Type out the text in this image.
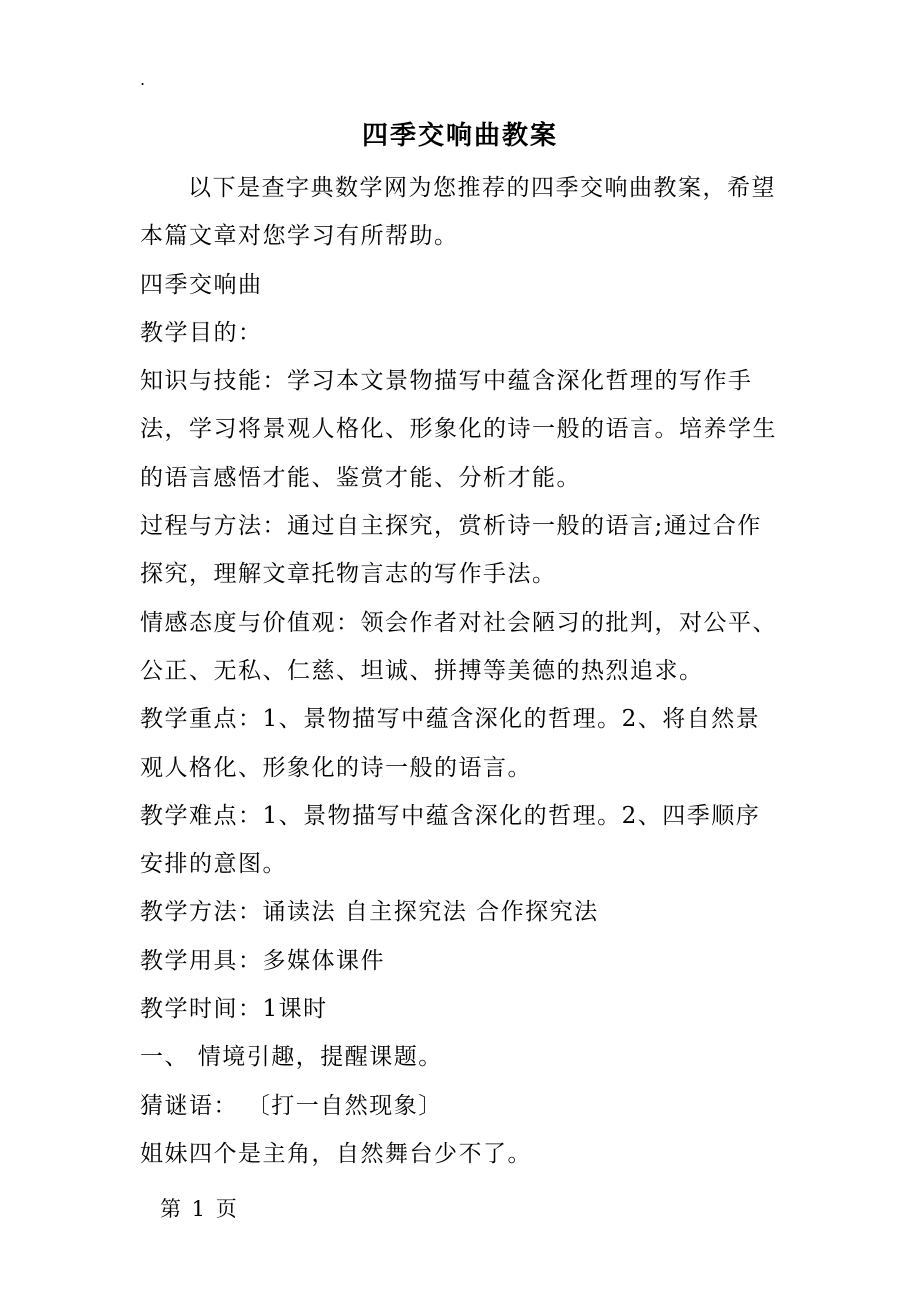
.
四季交响曲教案

以下是查字典数学网为您推荐的四季交响曲教案，希望本篇文章对您学习有所帮助。

四季交响曲

教学目的：

知识与技能：学习本文景物描写中蕴含深化哲理的写作手法，学习将景观人格化、形象化的诗一般的语言。培养学生的语言感悟才能、鉴赏才能、分析才能。

过程与方法：通过自主探究，赏析诗一般的语言;通过合作探究，理解文章托物言志的写作手法。

情感态度与价值观：领会作者对社会陋习的批判，对公平、公正、无私、仁慈、坦诚、拼搏等美德的热烈追求。

教学重点：1、景物描写中蕴含深化的哲理。2、将自然景观人格化、形象化的诗一般的语言。

教学难点：1、景物描写中蕴含深化的哲理。2、四季顺序安排的意图。

教学方法：诵读法 自主探究法 合作探究法

教学用具：多媒体课件

教学时间：1课时

一、 情境引趣，提醒课题。

猜谜语： 〔打一自然现象〕

姐妹四个是主角，自然舞台少不了。

第 1 页
